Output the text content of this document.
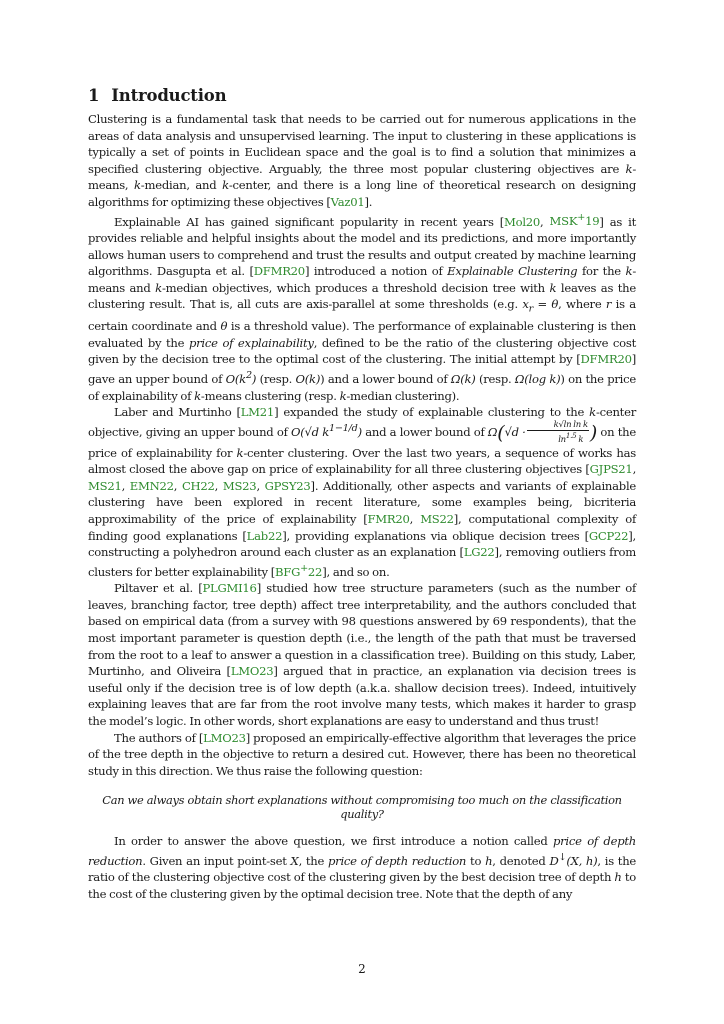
1 Introduction

Clustering is a fundamental task that needs to be carried out for numerous applications in the areas of data analysis and unsupervised learning. The input to clustering in these applications is typically a set of points in Euclidean space and the goal is to find a solution that minimizes a specified clustering objective. Arguably, the three most popular clustering objectives are k-means, k-median, and k-center, and there is a long line of theoretical research on designing algorithms for optimizing these objectives [Vaz01].

Explainable AI has gained significant popularity in recent years [Mol20, MSK+19] as it provides reliable and helpful insights about the model and its predictions, and more importantly allows human users to comprehend and trust the results and output created by machine learning algorithms. Dasgupta et al. [DFMR20] introduced a notion of Explainable Clustering for the k-means and k-median objectives, which produces a threshold decision tree with k leaves as the clustering result. That is, all cuts are axis-parallel at some thresholds (e.g. $x_r = \theta$, where r is a certain coordinate and θ is a threshold value). The performance of explainable clustering is then evaluated by the price of explainability, defined to be the ratio of the clustering objective cost given by the decision tree to the optimal cost of the clustering. The initial attempt by [DFMR20] gave an upper bound of $O(k^2)$ (resp. O(k)) and a lower bound of Ω(k) (resp. Ω(log k)) on the price of explainability of k-means clustering (resp. k-median clustering).

Laber and Murtinho [LM21] expanded the study of explainable clustering to the k-center objective, giving an upper bound of O(√d $k^{1-1/d}$) and a lower bound of $\Omega(√d \cdot \frac{\text{k√ln ln k}}{\ln^{1.5} k}$ ) on the price of explainability for k-center clustering. Over the last two years, a sequence of works has almost closed the above gap on price of explainability for all three clustering objectives [GJPS21, MS21, EMN22, CH22, MS23, GPSY23]. Additionally, other aspects and variants of explainable clustering have been explored in recent literature, some examples being, bicriteria approximability of the price of explainability [FMR20, MS22], computational complexity of finding good explanations [Lab22], providing explanations via oblique decision trees [GCP22], constructing a polyhedron around each cluster as an explanation [LG22], removing outliers from clusters for better explainability [BFG+22], and so on.

Piltaver et al. [PLGMI16] studied how tree structure parameters (such as the number of leaves, branching factor, tree depth) affect tree interpretability, and the authors concluded that based on empirical data (from a survey with 98 questions answered by 69 respondents), that the most important parameter is question depth (i.e., the length of the path that must be traversed from the root to a leaf to answer a question in a classification tree). Building on this study, Laber, Murtinho, and Oliveira [LMO23] argued that in practice, an explanation via decision trees is useful only if the decision tree is of low depth (a.k.a. shallow decision trees). Indeed, intuitively explaining leaves that are far from the root involve many tests, which makes it harder to grasp the model’s logic. In other words, short explanations are easy to understand and thus trust!

The authors of [LMO23] proposed an empirically-effective algorithm that leverages the price of the tree depth in the objective to return a desired cut. However, there has been no theoretical study in this direction. We thus raise the following question:

Can we always obtain short explanations without compromising too much on the classification quality?

In order to answer the above question, we first introduce a notion called price of depth reduction. Given an input point-set X, the price of depth reduction to h, denoted D↓(X, h), is the ratio of the clustering objective cost of the clustering given by the best decision tree of depth h to the cost of the clustering given by the optimal decision tree. Note that the depth of any

2
